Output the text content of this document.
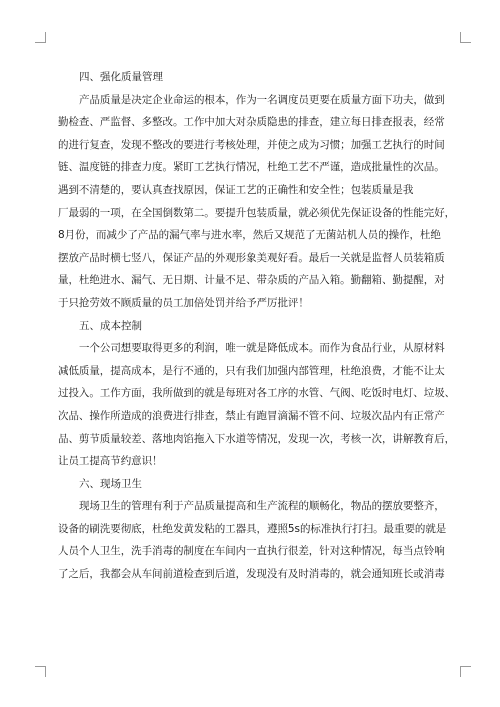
四、强化质量管理

产品质量是决定企业命运的根本，作为一名调度员更要在质量方面下功夫，做到

勤检查、严监督、多整改。工作中加大对杂质隐患的排查，建立每日排查报表，经常

的进行复查，发现不整改的要进行考核处理，并使之成为习惯；加强工艺执行的时间

链、温度链的排查力度。紧盯工艺执行情况，杜绝工艺不严谨，造成批量性的次品。

遇到不清楚的，要认真查找原因，保证工艺的正确性和安全性；包装质量是我

厂最弱的一项，在全国倒数第二。要提升包装质量，就必须优先保证设备的性能完好，

8月份，而减少了产品的漏气率与进水率，然后又规范了无菌站机人员的操作，杜绝

摆放产品时横七竖八，保证产品的外观形象美观好看。最后一关就是监督人员装箱质

量，杜绝进水、漏气、无日期、计量不足、带杂质的产品入箱。勤翻箱、勤提醒，对

于只抢劳效不顾质量的员工加倍处罚并给予严厉批评！

五、成本控制

一个公司想要取得更多的利润，唯一就是降低成本。而作为食品行业，从原材料

减低质量，提高成本，是行不通的，只有我们加强内部管理，杜绝浪费，才能不让太

过投入。工作方面，我所做到的就是每班对各工序的水管、气阀、吃饭时电灯、垃圾、

次品、操作所造成的浪费进行排查，禁止有跑冒滴漏不管不问、垃圾次品内有正常产

品、剪节质量较差、落地肉馅拖入下水道等情况，发现一次，考核一次，讲解教育后，

让员工提高节约意识！

六、现场卫生

现场卫生的管理有利于产品质量提高和生产流程的顺畅化，物品的摆放要整齐，

设备的刷洗要彻底，杜绝发黄发粘的工器具，遵照5s的标准执行打扫。最重要的就是

人员个人卫生，洗手消毒的制度在车间内一直执行很差，针对这种情况，每当点铃响

了之后，我都会从车间前道检查到后道，发现没有及时消毒的，就会通知班长或消毒
